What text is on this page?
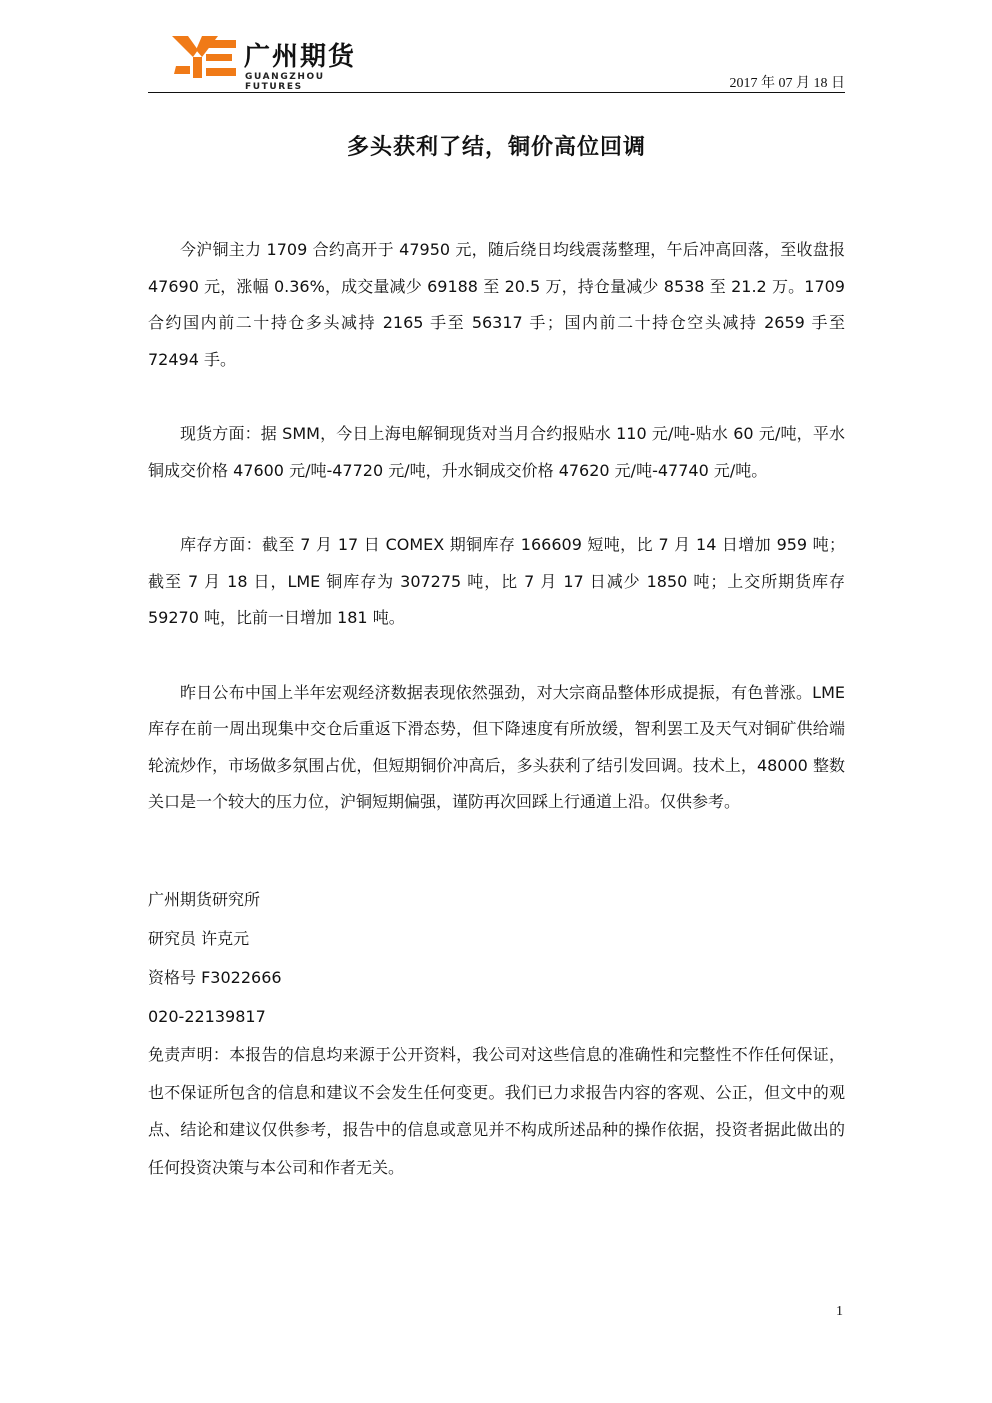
广州期货
GUANGZHOU FUTURES	2017 年 07 月 18 日
多头获利了结，铜价高位回调

今沪铜主力 1709 合约高开于 47950 元，随后绕日均线震荡整理，午后冲高回落，至收盘报 47690 元，涨幅 0.36%，成交量减少 69188 至 20.5 万，持仓量减少 8538 至 21.2 万。1709 合约国内前二十持仓多头减持 2165 手至 56317 手；国内前二十持仓空头减持 2659 手至 72494 手。

现货方面：据 SMM，今日上海电解铜现货对当月合约报贴水 110 元/吨-贴水 60 元/吨，平水铜成交价格 47600 元/吨-47720 元/吨，升水铜成交价格 47620 元/吨-47740 元/吨。

库存方面：截至 7 月 17 日 COMEX 期铜库存 166609 短吨，比 7 月 14 日增加 959 吨；截至 7 月 18 日，LME 铜库存为 307275 吨，比 7 月 17 日减少 1850 吨；上交所期货库存 59270 吨，比前一日增加 181 吨。

昨日公布中国上半年宏观经济数据表现依然强劲，对大宗商品整体形成提振，有色普涨。LME 库存在前一周出现集中交仓后重返下滑态势，但下降速度有所放缓，智利罢工及天气对铜矿供给端轮流炒作，市场做多氛围占优，但短期铜价冲高后，多头获利了结引发回调。技术上，48000 整数关口是一个较大的压力位，沪铜短期偏强，谨防再次回踩上行通道上沿。仅供参考。

广州期货研究所
研究员 许克元
资格号 F3022666
020-22139817
免责声明：本报告的信息均来源于公开资料，我公司对这些信息的准确性和完整性不作任何保证，也不保证所包含的信息和建议不会发生任何变更。我们已力求报告内容的客观、公正，但文中的观点、结论和建议仅供参考，报告中的信息或意见并不构成所述品种的操作依据，投资者据此做出的任何投资决策与本公司和作者无关。
1
